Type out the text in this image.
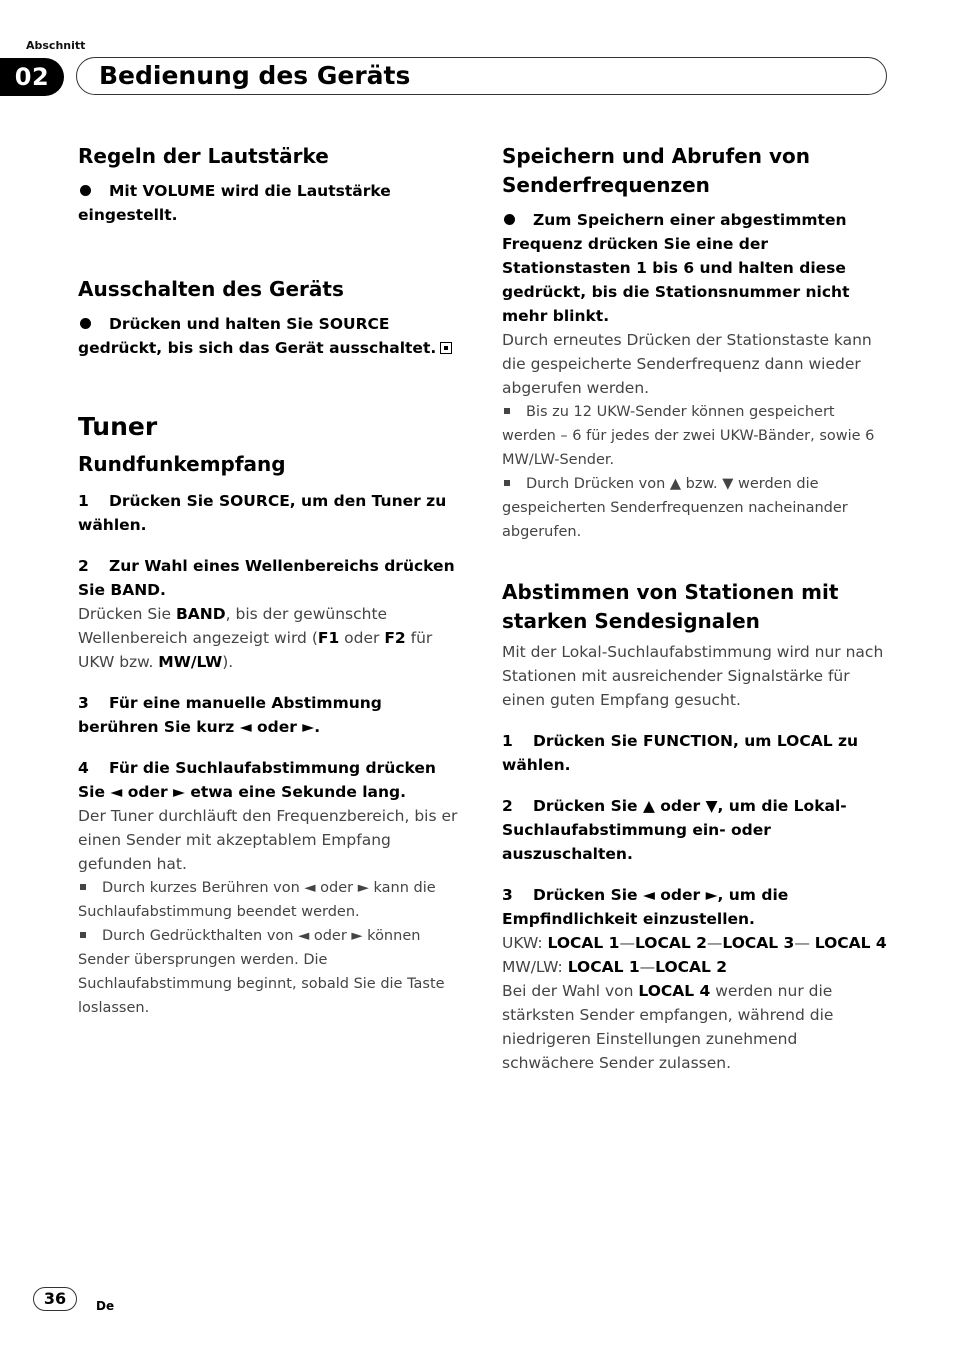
Abschnitt
02	Bedienung des Geräts
Regeln der Lautstärke

Mit VOLUME wird die Lautstärke eingestellt.

Ausschalten des Geräts

Drücken und halten Sie SOURCE gedrückt, bis sich das Gerät ausschaltet.

Tuner
Rundfunkempfang

1 Drücken Sie SOURCE, um den Tuner zu wählen.

2 Zur Wahl eines Wellenbereichs drücken Sie BAND.

Drücken Sie BAND, bis der gewünschte Wellenbereich angezeigt wird (F1 oder F2 für UKW bzw. MW/LW).

3 Für eine manuelle Abstimmung berühren Sie kurz ◄ oder ►.

4 Für die Suchlaufabstimmung drücken Sie ◄ oder ► etwa eine Sekunde lang.

Der Tuner durchläuft den Frequenzbereich, bis er einen Sender mit akzeptablem Empfang gefunden hat.

Durch kurzes Berühren von ◄ oder ► kann die Suchlaufabstimmung beendet werden.

Durch Gedrückthalten von ◄ oder ► können Sender übersprungen werden. Die Suchlaufabstimmung beginnt, sobald Sie die Taste loslassen.

Speichern und Abrufen von Senderfrequenzen

Zum Speichern einer abgestimmten Frequenz drücken Sie eine der Stationstasten 1 bis 6 und halten diese gedrückt, bis die Stationsnummer nicht mehr blinkt.

Durch erneutes Drücken der Stationstaste kann die gespeicherte Senderfrequenz dann wieder abgerufen werden.

Bis zu 12 UKW-Sender können gespeichert werden – 6 für jedes der zwei UKW-Bänder, sowie 6 MW/LW-Sender.

Durch Drücken von ▲ bzw. ▼ werden die gespeicherten Senderfrequenzen nacheinander abgerufen.

Abstimmen von Stationen mit starken Sendesignalen

Mit der Lokal-Suchlaufabstimmung wird nur nach Stationen mit ausreichender Signalstärke für einen guten Empfang gesucht.

1 Drücken Sie FUNCTION, um LOCAL zu wählen.

2 Drücken Sie ▲ oder ▼, um die Lokal-Suchlaufabstimmung ein- oder auszuschalten.

3 Drücken Sie ◄ oder ►, um die Empfindlichkeit einzustellen.

UKW: LOCAL 1—LOCAL 2—LOCAL 3— LOCAL 4

MW/LW: LOCAL 1—LOCAL 2

Bei der Wahl von LOCAL 4 werden nur die stärksten Sender empfangen, während die niedrigeren Einstellungen zunehmend schwächere Sender zulassen.

36	De
